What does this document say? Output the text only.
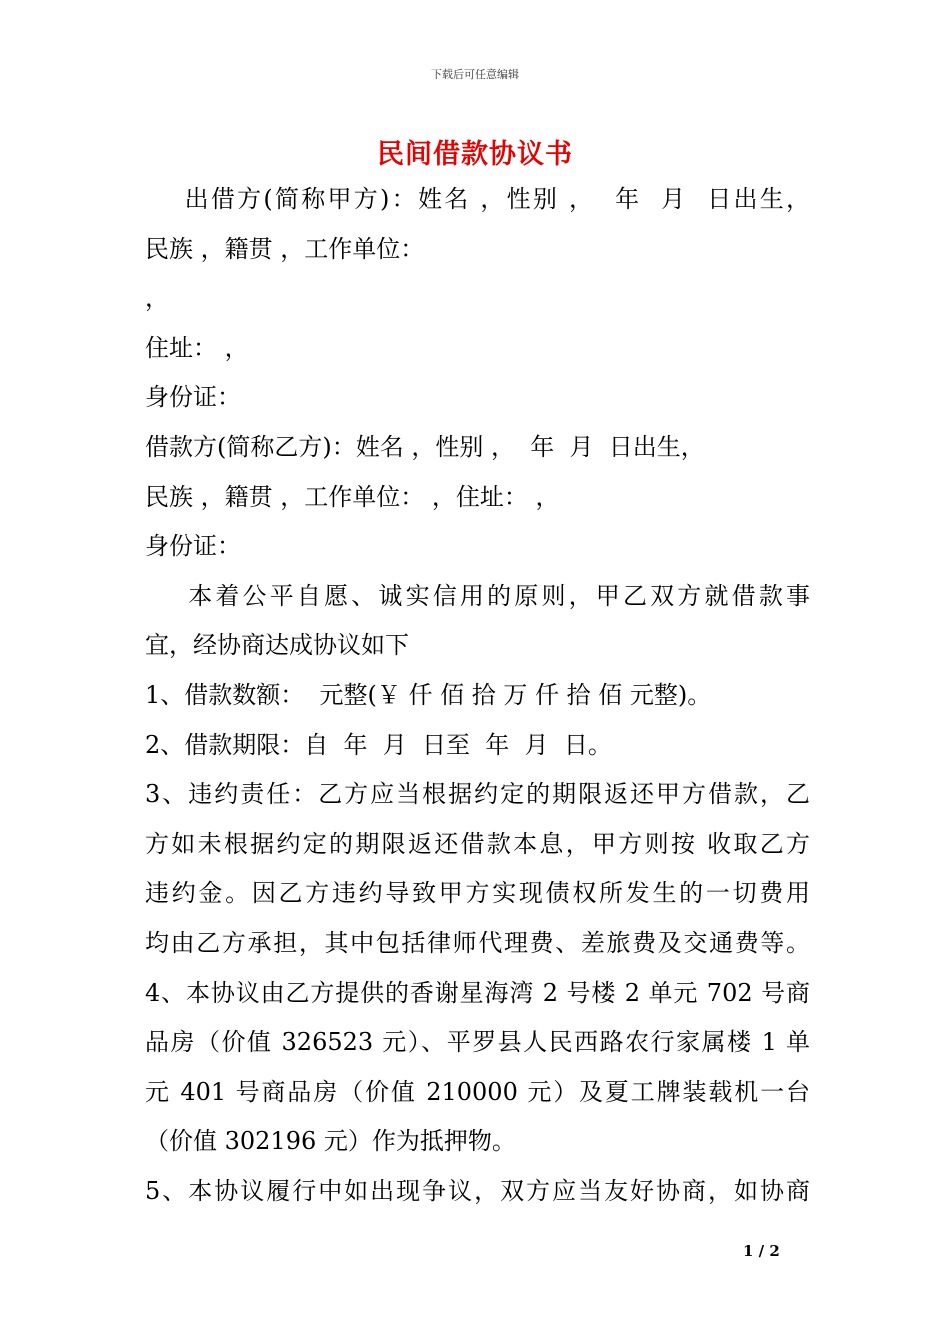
下载后可任意编辑
民间借款协议书
出借方(简称甲方)：姓名 ，性别 ，  年  月  日出生，
民族 ，籍贯 ，工作单位：
，
住址： ，
身份证：
借款方(简称乙方)：姓名 ，性别 ，  年  月  日出生，
民族 ，籍贯 ，工作单位： ，住址： ，
身份证：
本着公平自愿、诚实信用的原则，甲乙双方就借款事
宜，经协商达成协议如下
1、借款数额：  元整(￥ 仟 佰 拾 万 仟 拾 佰 元整)。
2、借款期限：自  年  月  日至  年  月  日。
3、违约责任：乙方应当根据约定的期限返还甲方借款，乙
方如未根据约定的期限返还借款本息，甲方则按 收取乙方
违约金。因乙方违约导致甲方实现债权所发生的一切费用
均由乙方承担，其中包括律师代理费、差旅费及交通费等。
4、本协议由乙方提供的香谢星海湾 2 号楼 2 单元 702 号商
品房（价值 326523 元）、平罗县人民西路农行家属楼 1 单
元 401 号商品房（价值 210000 元）及夏工牌装载机一台
（价值 302196 元）作为抵押物。
5、本协议履行中如出现争议，双方应当友好协商，如协商
1 / 2
